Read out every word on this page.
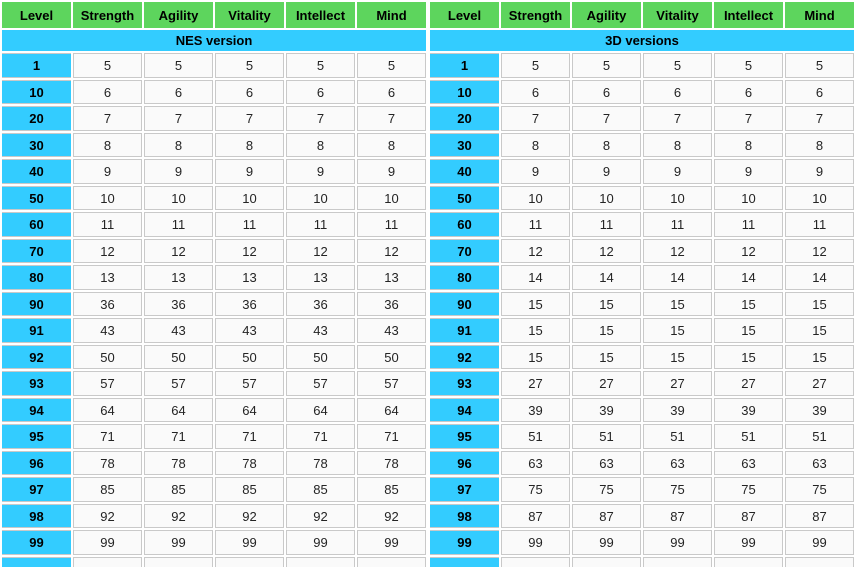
Level	Strength	Agility	Vitality	Intellect	Mind
NES version					
1	5	5	5	5	5
10	6	6	6	6	6
20	7	7	7	7	7
30	8	8	8	8	8
40	9	9	9	9	9
50	10	10	10	10	10
60	11	11	11	11	11
70	12	12	12	12	12
80	13	13	13	13	13
90	36	36	36	36	36
91	43	43	43	43	43
92	50	50	50	50	50
93	57	57	57	57	57
94	64	64	64	64	64
95	71	71	71	71	71
96	78	78	78	78	78
97	85	85	85	85	85
98	92	92	92	92	92
99	99	99	99	99	99

Level	Strength	Agility	Vitality	Intellect	Mind
3D versions					
1	5	5	5	5	5
10	6	6	6	6	6
20	7	7	7	7	7
30	8	8	8	8	8
40	9	9	9	9	9
50	10	10	10	10	10
60	11	11	11	11	11
70	12	12	12	12	12
80	14	14	14	14	14
90	15	15	15	15	15
91	15	15	15	15	15
92	15	15	15	15	15
93	27	27	27	27	27
94	39	39	39	39	39
95	51	51	51	51	51
96	63	63	63	63	63
97	75	75	75	75	75
98	87	87	87	87	87
99	99	99	99	99	99
